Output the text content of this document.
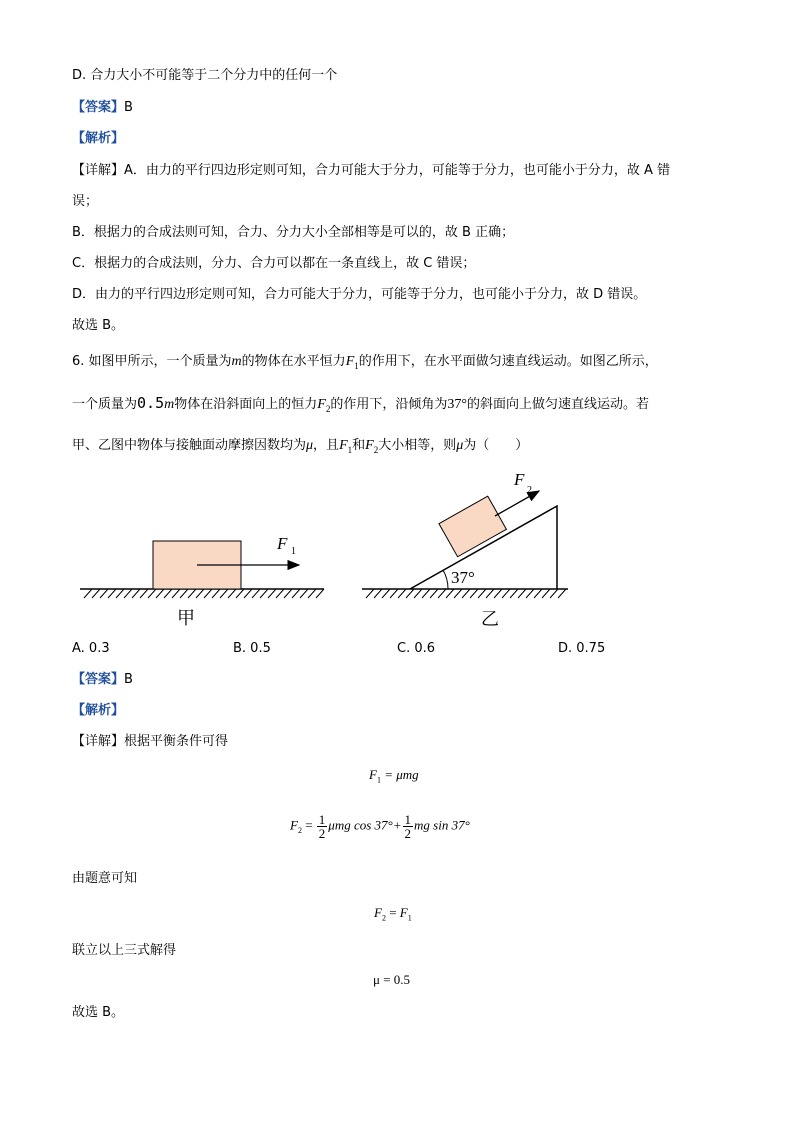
D. 合力大小不可能等于二个分力中的任何一个
【答案】B
【解析】
【详解】A．由力的平行四边形定则可知，合力可能大于分力，可能等于分力，也可能小于分力，故 A 错
误；
B．根据力的合成法则可知，合力、分力大小全部相等是可以的，故 B 正确；
C．根据力的合成法则，分力、合力可以都在一条直线上，故 C 错误；
D．由力的平行四边形定则可知，合力可能大于分力，可能等于分力，也可能小于分力，故 D 错误。
故选 B。
6. 如图甲所示，一个质量为m的物体在水平恒力$F_1$的作用下，在水平面做匀速直线运动。如图乙所示，
一个质量为0.5m物体在沿斜面向上的恒力$F_2$的作用下，沿倾角为37°的斜面向上做匀速直线运动。若
甲、乙图中物体与接触面动摩擦因数均为μ，且$F_1$和$F_2$大小相等，则μ为（　　）
F 1
甲
37°
F
2
乙
A. 0.3	B. 0.5	C. 0.6	D. 0.75
【答案】B
【解析】
【详解】根据平衡条件可得
$F_1 = \mu mg$
$F_2 = \frac{1}{2}$ μmg $\cos 37^\circ+ \frac{1}{2}$ mg sin 37°
由题意可知
$F_2 = F_1$
联立以上三式解得
μ = 0.5
故选 B。
